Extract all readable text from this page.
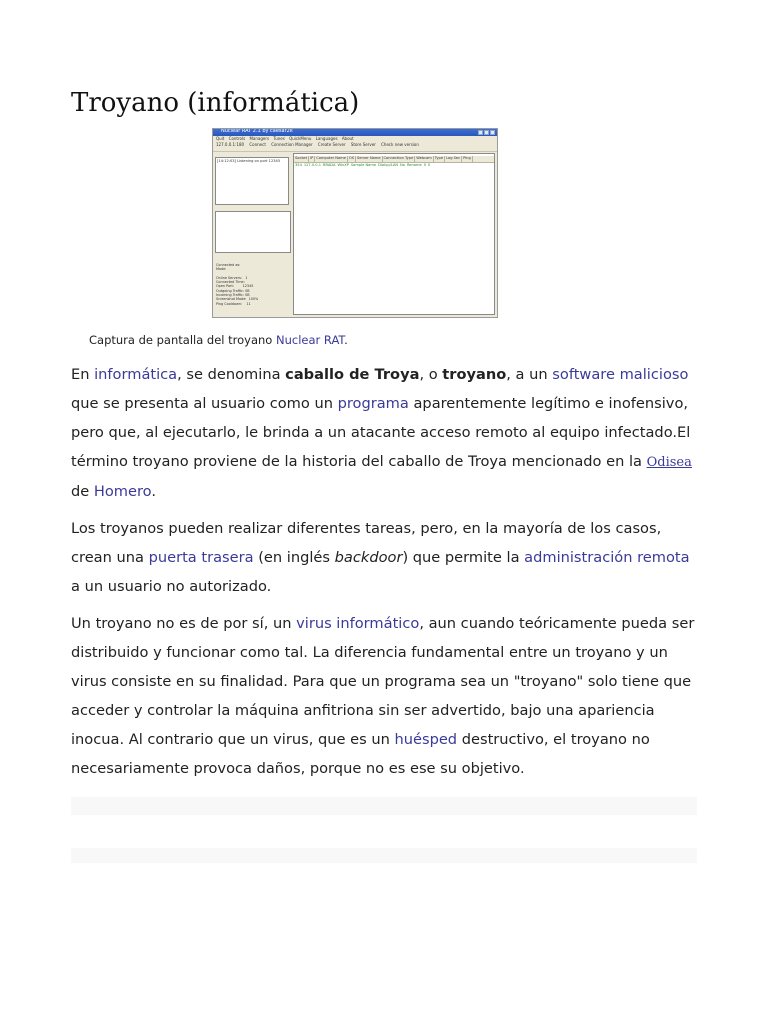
Troyano (informática)
Nuclear RAT 2.1 by caesar2k
Quit Controls Managers Tunes QuickMenu Languages About
127.0.0.1:180 Connect Connection Manager Create Server Store Server Check new version
[14:12:03] Listening on port 12345
Connected as:
Mode:

Online Servers:   1
Connected Time:
Open Port:        12345
Outgoing Traffic: 0B
Incoming Traffic: 0B
Screenshot Mode:  100%
Ping Cooldown:    11
Socket IP Computer Name OS Server Name Connection Type Webcam Type Log Sec Ping
354 127.0.0.1 BRADA WinXP Sample Name Dialup/LAN No Rename 0 0
Captura de pantalla del troyano Nuclear RAT.

En informática, se denomina caballo de Troya, o troyano, a un software malicioso que se presenta al usuario como un programa aparentemente legítimo e inofensivo, pero que, al ejecutarlo, le brinda a un atacante acceso remoto al equipo infectado.El término troyano proviene de la historia del caballo de Troya mencionado en la Odisea de Homero.

Los troyanos pueden realizar diferentes tareas, pero, en la mayoría de los casos, crean una puerta trasera (en inglés backdoor) que permite la administración remota a un usuario no autorizado.

Un troyano no es de por sí, un virus informático, aun cuando teóricamente pueda ser distribuido y funcionar como tal. La diferencia fundamental entre un troyano y un virus consiste en su finalidad. Para que un programa sea un "troyano" solo tiene que acceder y controlar la máquina anfitriona sin ser advertido, bajo una apariencia inocua. Al contrario que un virus, que es un huésped destructivo, el troyano no necesariamente provoca daños, porque no es ese su objetivo.
